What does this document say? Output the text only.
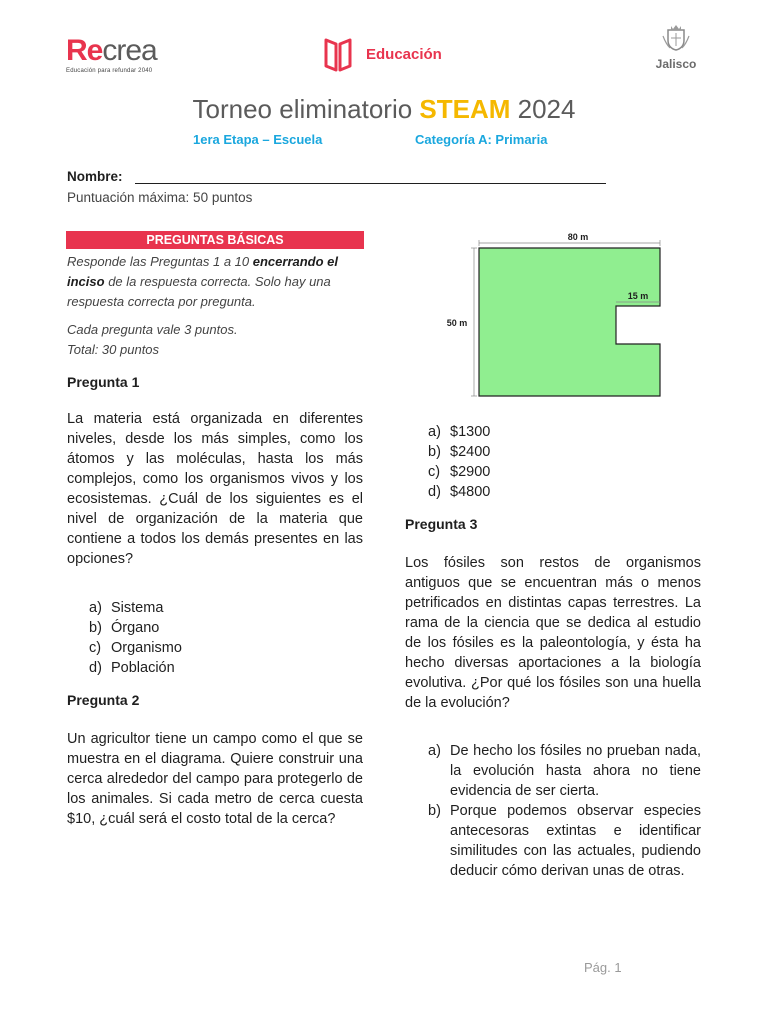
Recrea
Educación para refundar 2040
Educación
Jalisco
Torneo eliminatorio STEAM 2024
1era Etapa – Escuela	Categoría A: Primaria
Nombre:
Puntuación máxima: 50 puntos
PREGUNTAS BÁSICAS
Responde las Preguntas 1 a 10 encerrando el inciso de la respuesta correcta. Solo hay una respuesta correcta por pregunta.
Cada pregunta vale 3 puntos.
Total: 30 puntos
Pregunta 1
La materia está organizada en diferentes niveles, desde los más simples, como los átomos y las moléculas, hasta los más complejos, como los organismos vivos y los ecosistemas. ¿Cuál de los siguientes es el nivel de organización de la materia que contiene a todos los demás presentes en las opciones?
a) Sistema
b) Órgano
c) Organismo
d) Población
Pregunta 2
Un agricultor tiene un campo como el que se muestra en el diagrama. Quiere construir una cerca alrededor del campo para protegerlo de los animales. Si cada metro de cerca cuesta $10, ¿cuál será el costo total de la cerca?
80 m
50 m
15 m
a) $1300
b) $2400
c) $2900
d) $4800
Pregunta 3
Los fósiles son restos de organismos antiguos que se encuentran más o menos petrificados en distintas capas terrestres. La rama de la ciencia que se dedica al estudio de los fósiles es la paleontología, y ésta ha hecho diversas aportaciones a la biología evolutiva. ¿Por qué los fósiles son una huella de la evolución?
a) De hecho los fósiles no prueban nada, la evolución hasta ahora no tiene evidencia de ser cierta.
b) Porque podemos observar especies antecesoras extintas e identificar similitudes con las actuales, pudiendo deducir cómo derivan unas de otras.
Pág. 1
